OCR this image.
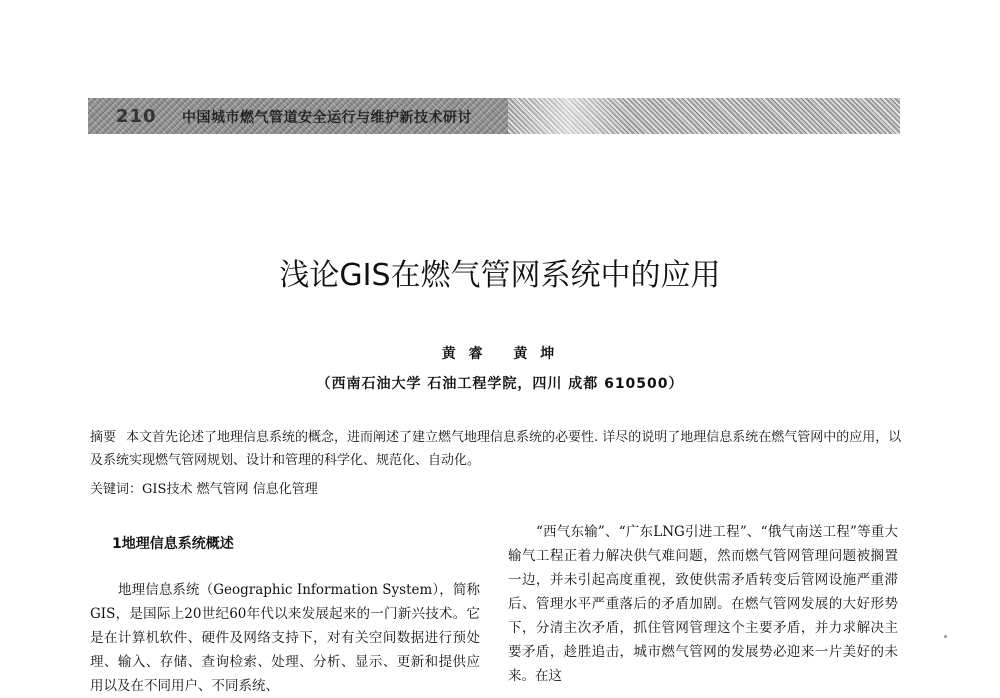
210 中国城市燃气管道安全运行与维护新技术研讨
浅论GIS在燃气管网系统中的应用
黄 睿　 黄 坤
（西南石油大学 石油工程学院，四川 成都 610500）
摘要 本文首先论述了地理信息系统的概念，进而阐述了建立燃气地理信息系统的必要性. 详尽的说明了地理信息系统在燃气管网中的应用，以及系统实现燃气管网规划、设计和管理的科学化、规范化、自动化。
关键词：GIS技术 燃气管网 信息化管理
1地理信息系统概述

地理信息系统（Geographic Information System），简称GIS，是国际上20世纪60年代以来发展起来的一门新兴技术。它是在计算机软件、硬件及网络支持下，对有关空间数据进行预处理、输入、存储、查询检索、处理、分析、显示、更新和提供应用以及在不同用户、不同系统、

“西气东输”、“广东LNG引进工程”、“俄气南送工程”等重大输气工程正着力解决供气难问题，然而燃气管网管理问题被搁置一边，并未引起高度重视，致使供需矛盾转变后管网设施严重滞后、管理水平严重落后的矛盾加剧。在燃气管网发展的大好形势下，分清主次矛盾，抓住管网管理这个主要矛盾，并力求解决主要矛盾，趁胜追击，城市燃气管网的发展势必迎来一片美好的未来。在这
